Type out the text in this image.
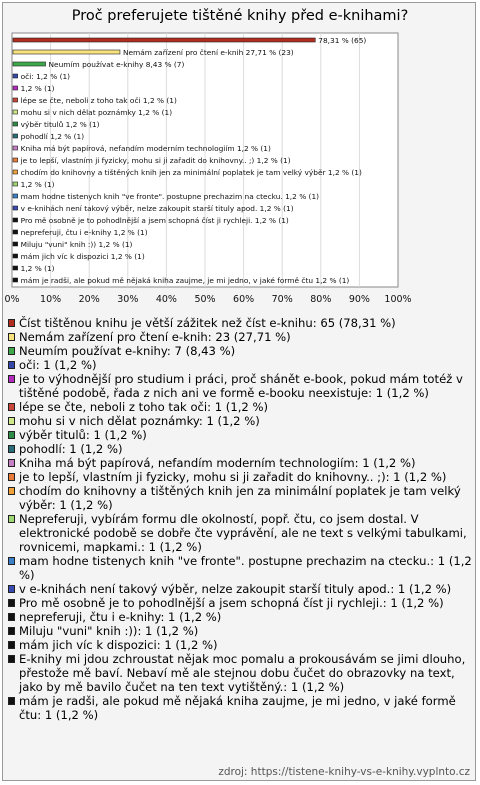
Proč preferujete tištěné knihy před e-knihami?
78,31 % (65)
Nemám zařízení pro čtení e-knih 27,71 % (23)
Neumím používat e-knihy 8,43 % (7)
oči: 1,2 % (1)
1,2 % (1)
lépe se čte, neboli z toho tak oči 1,2 % (1)
mohu si v nich dělat poznámky 1,2 % (1)
výběr titulů 1,2 % (1)
pohodlí 1,2 % (1)
Kniha má být papírová, nefandím moderním technologiím 1,2 % (1)
je to lepší, vlastním ji fyzicky, mohu si ji zařadit do knihovny.. ;) 1,2 % (1)
chodím do knihovny a tištěných knih jen za minimální poplatek je tam velký výběr 1,2 % (1)
1,2 % (1)
mam hodne tistenych knih "ve fronte". postupne prechazim na ctecku. 1,2 % (1)
v e-knihách není takový výběr, nelze zakoupit starší tituly apod. 1,2 % (1)
Pro mě osobně je to pohodlnější a jsem schopná číst ji rychleji. 1,2 % (1)
nepreferuji, čtu i e-knihy 1,2 % (1)
Miluju "vuni" knih :)) 1,2 % (1)
mám jich víc k dispozici 1,2 % (1)
1,2 % (1)
mám je radši, ale pokud mě nějaká kniha zaujme, je mi jedno, v jaké formě čtu 1,2 % (1)
0% 10% 20% 30% 40% 50% 60% 70% 80% 90% 100%
Číst tištěnou knihu je větší zážitek než číst e-knihu: 65 (78,31 %)
Nemám zařízení pro čtení e-knih: 23 (27,71 %)
Neumím používat e-knihy: 7 (8,43 %)
oči: 1 (1,2 %)
je to výhodnější pro studium i práci, proč shánět e-book, pokud mám totéž v tištěné podobě, řada z nich ani ve formě e-booku neexistuje: 1 (1,2 %)
lépe se čte, neboli z toho tak oči: 1 (1,2 %)
mohu si v nich dělat poznámky: 1 (1,2 %)
výběr titulů: 1 (1,2 %)
pohodlí: 1 (1,2 %)
Kniha má být papírová, nefandím moderním technologiím: 1 (1,2 %)
je to lepší, vlastním ji fyzicky, mohu si ji zařadit do knihovny.. ;): 1 (1,2 %)
chodím do knihovny a tištěných knih jen za minimální poplatek je tam velký výběr: 1 (1,2 %)
Nepreferuji, vybírám formu dle okolností, popř. čtu, co jsem dostal. V elektronické podobě se dobře čte vyprávění, ale ne text s velkými tabulkami, rovnicemi, mapkami.: 1 (1,2 %)
mam hodne tistenych knih "ve fronte". postupne prechazim na ctecku.: 1 (1,2 %)
v e-knihách není takový výběr, nelze zakoupit starší tituly apod.: 1 (1,2 %)
Pro mě osobně je to pohodlnější a jsem schopná číst ji rychleji.: 1 (1,2 %)
nepreferuji, čtu i e-knihy: 1 (1,2 %)
Miluju "vuni" knih :)): 1 (1,2 %)
mám jich víc k dispozici: 1 (1,2 %)
E-knihy mi jdou zchroustat nějak moc pomalu a prokousávám se jimi dlouho, přestože mě baví. Nebaví mě ale stejnou dobu čučet do obrazovky na text, jako by mě bavilo čučet na ten text vytištěný.: 1 (1,2 %)
mám je radši, ale pokud mě nějaká kniha zaujme, je mi jedno, v jaké formě čtu: 1 (1,2 %)
zdroj: https://tistene-knihy-vs-e-knihy.vyplnto.cz
